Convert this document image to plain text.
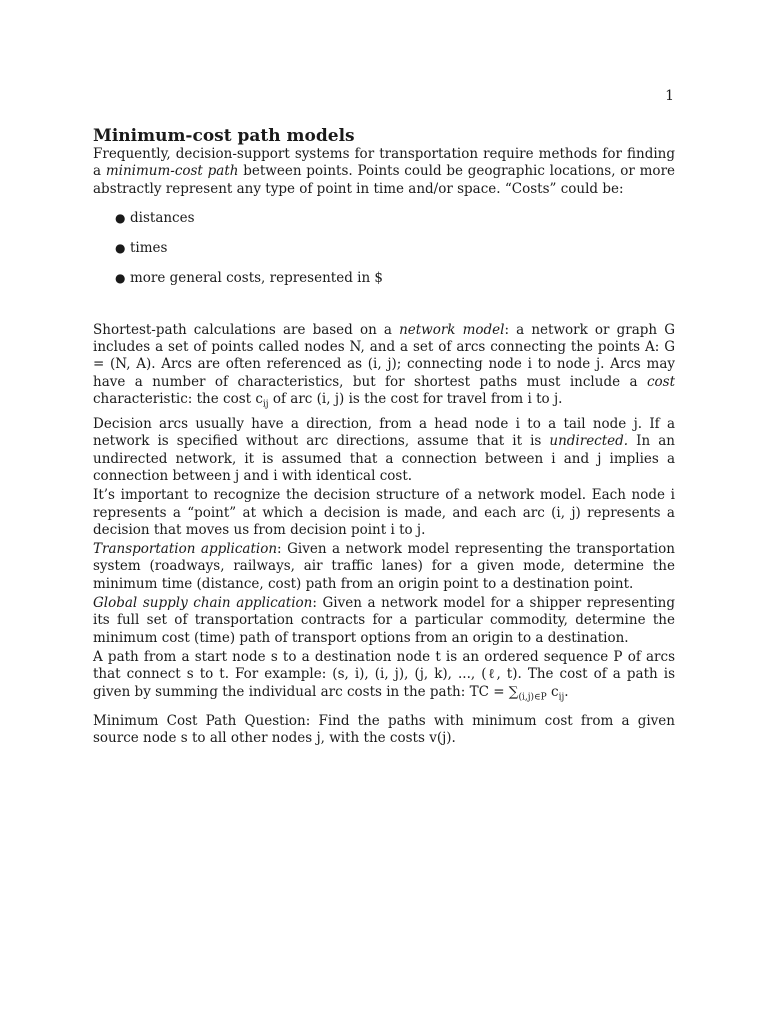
1
Minimum-cost path models

Frequently, decision-support systems for transportation require methods for finding a minimum-cost path between points. Points could be geographic locations, or more abstractly represent any type of point in time and/or space. “Costs” could be:

● distances
● times
● more general costs, represented in $

Shortest-path calculations are based on a network model: a network or graph G includes a set of points called nodes N, and a set of arcs connecting the points A: G = (N, A). Arcs are often referenced as (i, j); connecting node i to node j. Arcs may have a number of characteristics, but for shortest paths must include a cost characteristic: the cost $c_{ij}$ of arc (i, j) is the cost for travel from i to j.

Decision arcs usually have a direction, from a head node i to a tail node j. If a network is specified without arc directions, assume that it is undirected. In an undirected network, it is assumed that a connection between i and j implies a connection between j and i with identical cost.

It’s important to recognize the decision structure of a network model. Each node i represents a “point” at which a decision is made, and each arc (i, j) represents a decision that moves us from decision point i to j.

Transportation application: Given a network model representing the transportation system (roadways, railways, air traffic lanes) for a given mode, determine the minimum time (distance, cost) path from an origin point to a destination point.

Global supply chain application: Given a network model for a shipper representing its full set of transportation contracts for a particular commodity, determine the minimum cost (time) path of transport options from an origin to a destination.

A path from a start node s to a destination node t is an ordered sequence P of arcs that connect s to t. For example: (s, i), (i, j), (j, k), ..., (ℓ, t). The cost of a path is given by summing the individual arc costs in the path: TC = $\sum_{(i,j)\in P}$ $c_{ij}$.

Minimum Cost Path Question: Find the paths with minimum cost from a given source node s to all other nodes j, with the costs v(j).
